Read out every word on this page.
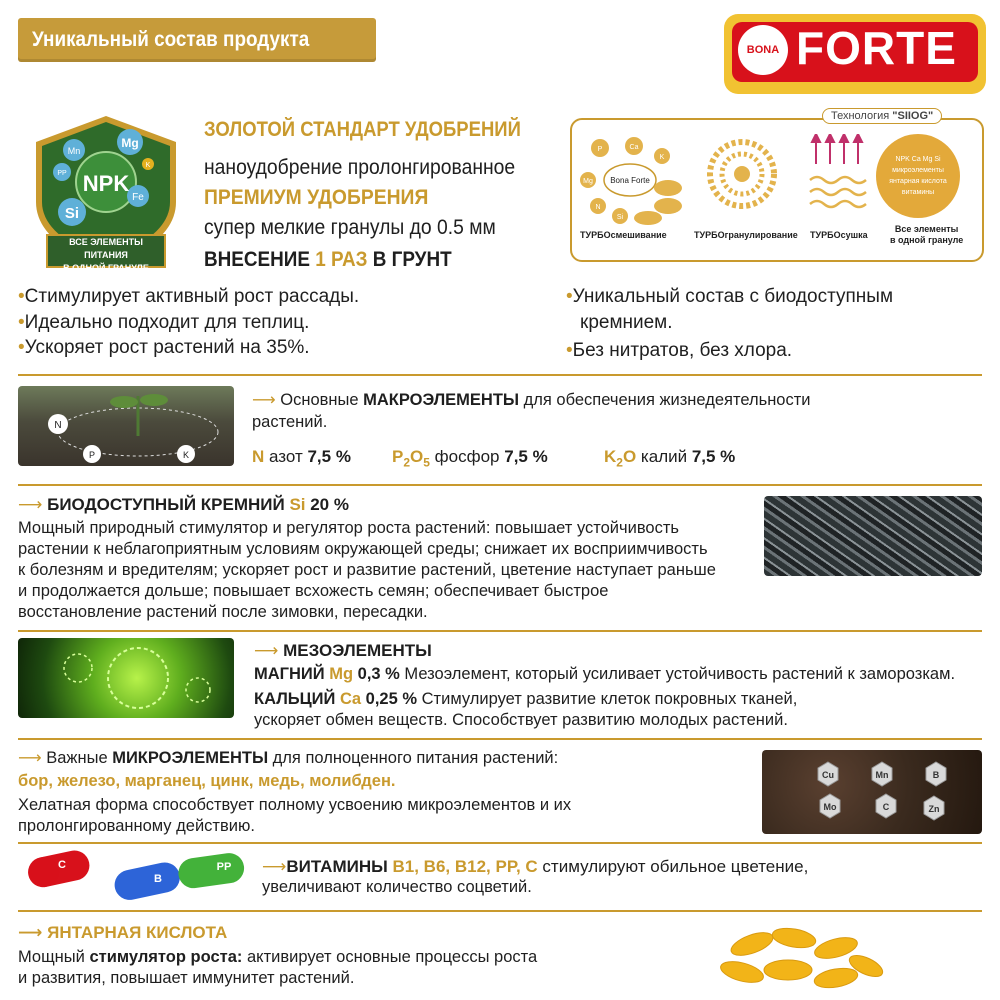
Уникальный состав продукта	BONA FORTE
NPK
Mg
Mn
PP
Si
Fe
K
ВСЕ ЭЛЕМЕНТЫ ПИТАНИЯ
В ОДНОЙ ГРАНУЛЕ
ЗОЛОТОЙ СТАНДАРТ УДОБРЕНИЙ
наноудобрение пролонгированное
ПРЕМИУМ УДОБРЕНИЯ
супер мелкие гранулы до 0.5 мм
ВНЕСЕНИЕ 1 РАЗ В ГРУНТ
Технология "SIIOG"
Bona Forte
P	Ca
K
Mg
N
Si
NPK Ca Mg Si
микроэлементы
янтарная кислота
витамины
ТУРБОсмешивание	ТУРБОгранулирование ТУРБОсушка
Все элементы
в одной грануле
•Стимулирует активный рост рассады.
•Идеально подходит для теплиц.
•Ускоряет рост растений на 35%.
•Уникальный состав с биодоступным
кремнием.
•Без нитратов, без хлора.
N
P	K
⟶ Основные МАКРОЭЛЕМЕНТЫ для обеспечения жизнедеятельности
растений.
N азот 7,5 % $P_2O_5$ фосфор 7,5 %	$K_2O$ калий 7,5 %
⟶ БИОДОСТУПНЫЙ КРЕМНИЙ Si 20 %
Мощный природный стимулятор и регулятор роста растений: повышает устойчивость
растении к неблагоприятным условиям окружающей среды; снижает их восприимчивость
к болезням и вредителям; ускоряет рост и развитие растений, цветение наступает раньше
и продолжается дольше; повышает всхожесть семян; обеспечивает быстрое
восстановление растений после зимовки, пересадки.
⟶ МЕЗОЭЛЕМЕНТЫ
МАГНИЙ Mg 0,3 % Мезоэлемент, который усиливает устойчивость растений к заморозкам.
КАЛЬЦИЙ Ca 0,25 % Стимулирует развитие клеток покровных тканей,
ускоряет обмен веществ. Способствует развитию молодых растений.
⟶ Важные МИКРОЭЛЕМЕНТЫ для полноценного питания растений:
бор, железо, марганец, цинк, медь, молибден.
Хелатная форма способствует полному усвоению микроэлементов и их
пролонгированному действию.
Cu	Mn	B
Mo	C	Zn
C
B
PP ⟶ВИТАМИНЫ B1, B6, B12, PP, C стимулируют обильное цветение,
увеличивают количество соцветий.
⟶ ЯНТАРНАЯ КИСЛОТА
Мощный стимулятор роста: активирует основные процессы роста
и развития, повышает иммунитет растений.
